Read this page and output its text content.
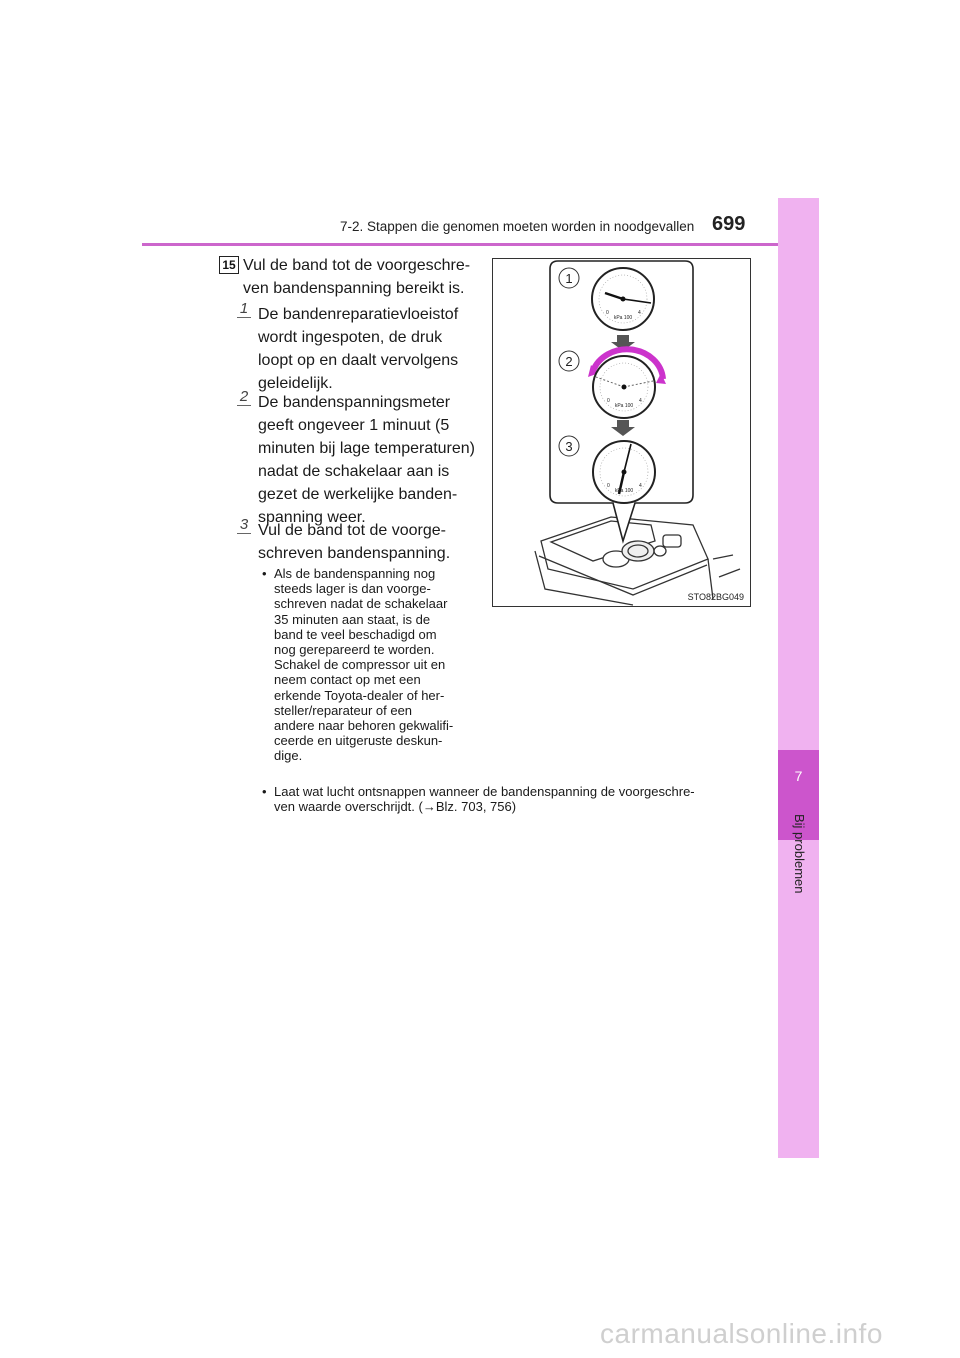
7-2. Stappen die genomen moeten worden in noodgevallen 699
7
Bij problemen
15 Vul de band tot de voorgeschre-
ven bandenspanning bereikt is.
1 De bandenreparatievloeistof
wordt ingespoten, de druk
loopt op en daalt vervolgens
geleidelijk.
2 De bandenspanningsmeter
geeft ongeveer 1 minuut (5
minuten bij lage temperaturen)
nadat de schakelaar aan is
gezet de werkelijke banden-
spanning weer.
3 Vul de band tot de voorge-
schreven bandenspanning.
• Als de bandenspanning nog
steeds lager is dan voorge-
schreven nadat de schakelaar
35 minuten aan staat, is de
band te veel beschadigd om
nog gerepareerd te worden.
Schakel de compressor uit en
neem contact op met een
erkende Toyota-dealer of her-
steller/reparateur of een
andere naar behoren gekwalifi-
ceerde en uitgeruste deskun-
dige.
• Laat wat lucht ontsnappen wanneer de bandenspanning de voorgeschre-
ven waarde overschrijdt. (→Blz. 703, 756)
1
2
3
kPa 100
0	4
kPa 100
0	4
kPa 100
0	4
STO82BG049
carmanualsonline.info
